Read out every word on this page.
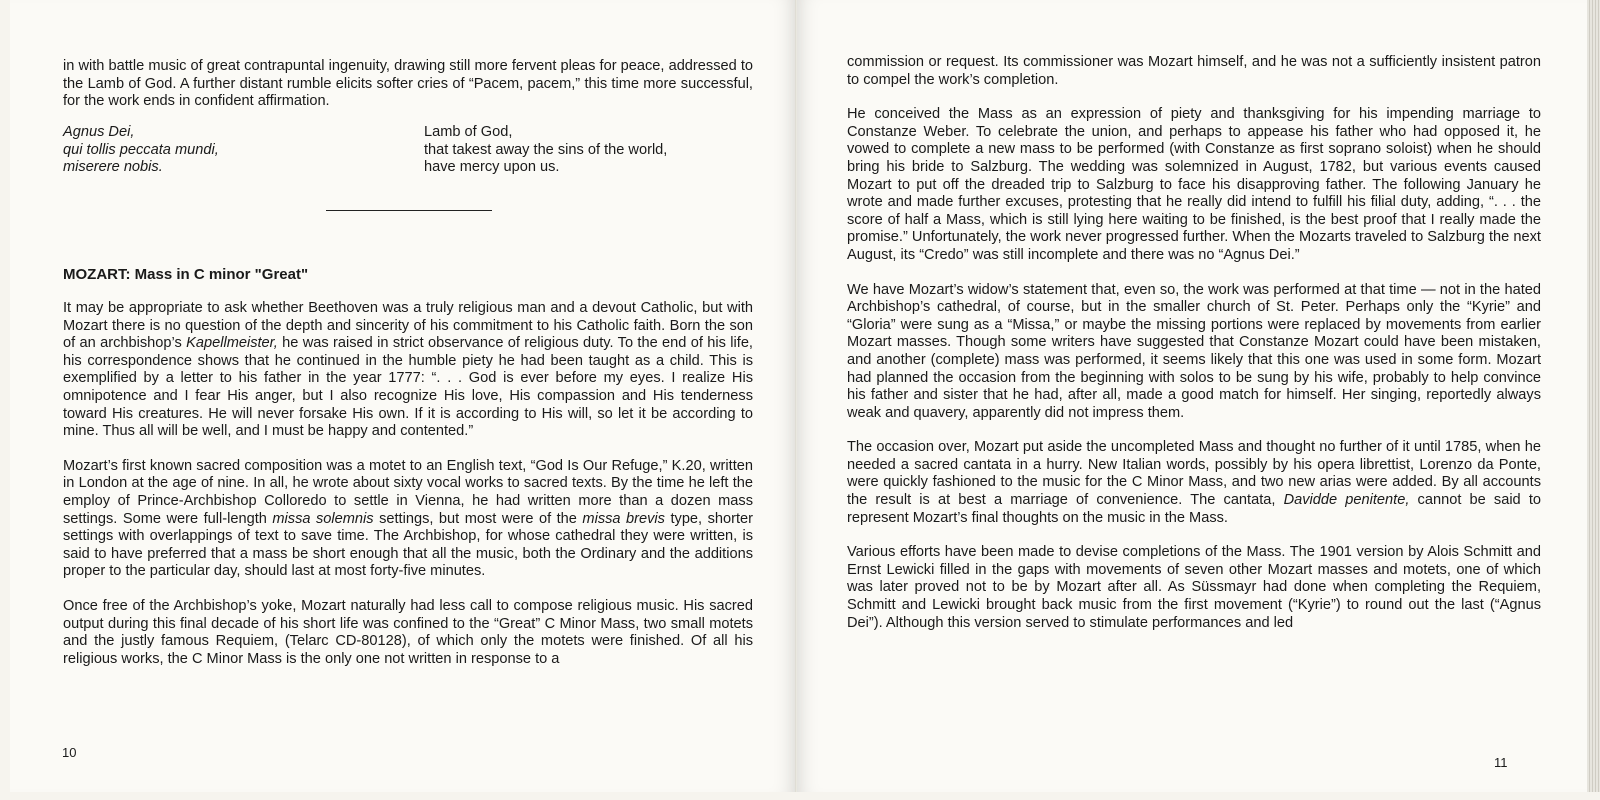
in with battle music of great contrapuntal ingenuity, drawing still more fervent pleas for peace, addressed to the Lamb of God. A further distant rumble elicits softer cries of “Pacem, pacem,” this time more successful, for the work ends in confident affirmation.
Agnus Dei,
qui tollis peccata mundi,
miserere nobis.
Lamb of God,
that takest away the sins of the world,
have mercy upon us.
MOZART: Mass in C minor "Great"

It may be appropriate to ask whether Beethoven was a truly religious man and a devout Catholic, but with Mozart there is no question of the depth and sincerity of his commitment to his Catholic faith. Born the son of an archbishop’s Kapellmeister, he was raised in strict observance of religious duty. To the end of his life, his correspondence shows that he continued in the humble piety he had been taught as a child. This is exemplified by a letter to his father in the year 1777: “. . . God is ever before my eyes. I realize His omnipotence and I fear His anger, but I also recognize His love, His compassion and His tenderness toward His creatures. He will never forsake His own. If it is according to His will, so let it be according to mine. Thus all will be well, and I must be happy and contented.”

Mozart’s first known sacred composition was a motet to an English text, “God Is Our Refuge,” K.20, written in London at the age of nine. In all, he wrote about sixty vocal works to sacred texts. By the time he left the employ of Prince-Archbishop Colloredo to settle in Vienna, he had written more than a dozen mass settings. Some were full-length missa solemnis settings, but most were of the missa brevis type, shorter settings with overlappings of text to save time. The Archbishop, for whose cathedral they were written, is said to have preferred that a mass be short enough that all the music, both the Ordinary and the additions proper to the particular day, should last at most forty-five minutes.

Once free of the Archbishop’s yoke, Mozart naturally had less call to compose religious music. His sacred output during this final decade of his short life was confined to the “Great” C Minor Mass, two small motets and the justly famous Requiem, (Telarc CD-80128), of which only the motets were finished. Of all his religious works, the C Minor Mass is the only one not written in response to a

10

commission or request. Its commissioner was Mozart himself, and he was not a sufficiently insistent patron to compel the work’s completion.

He conceived the Mass as an expression of piety and thanksgiving for his impending marriage to Constanze Weber. To celebrate the union, and perhaps to appease his father who had opposed it, he vowed to complete a new mass to be performed (with Constanze as first soprano soloist) when he should bring his bride to Salzburg. The wedding was solemnized in August, 1782, but various events caused Mozart to put off the dreaded trip to Salzburg to face his disapproving father. The following January he wrote and made further excuses, protesting that he really did intend to fulfill his filial duty, adding, “. . . the score of half a Mass, which is still lying here waiting to be finished, is the best proof that I really made the promise.” Unfortunately, the work never progressed further. When the Mozarts traveled to Salzburg the next August, its “Credo” was still incomplete and there was no “Agnus Dei.”

We have Mozart’s widow’s statement that, even so, the work was performed at that time — not in the hated Archbishop’s cathedral, of course, but in the smaller church of St. Peter. Perhaps only the “Kyrie” and “Gloria” were sung as a “Missa,” or maybe the missing portions were replaced by movements from earlier Mozart masses. Though some writers have suggested that Constanze Mozart could have been mistaken, and another (complete) mass was performed, it seems likely that this one was used in some form. Mozart had planned the occasion from the beginning with solos to be sung by his wife, probably to help convince his father and sister that he had, after all, made a good match for himself. Her singing, reportedly always weak and quavery, apparently did not impress them.

The occasion over, Mozart put aside the uncompleted Mass and thought no further of it until 1785, when he needed a sacred cantata in a hurry. New Italian words, possibly by his opera librettist, Lorenzo da Ponte, were quickly fashioned to the music for the C Minor Mass, and two new arias were added. By all accounts the result is at best a marriage of convenience. The cantata, Davidde penitente, cannot be said to represent Mozart’s final thoughts on the music in the Mass.

Various efforts have been made to devise completions of the Mass. The 1901 version by Alois Schmitt and Ernst Lewicki filled in the gaps with movements of seven other Mozart masses and motets, one of which was later proved not to be by Mozart after all. As Süssmayr had done when completing the Requiem, Schmitt and Lewicki brought back music from the first movement (“Kyrie”) to round out the last (“Agnus Dei”). Although this version served to stimulate performances and led

11
